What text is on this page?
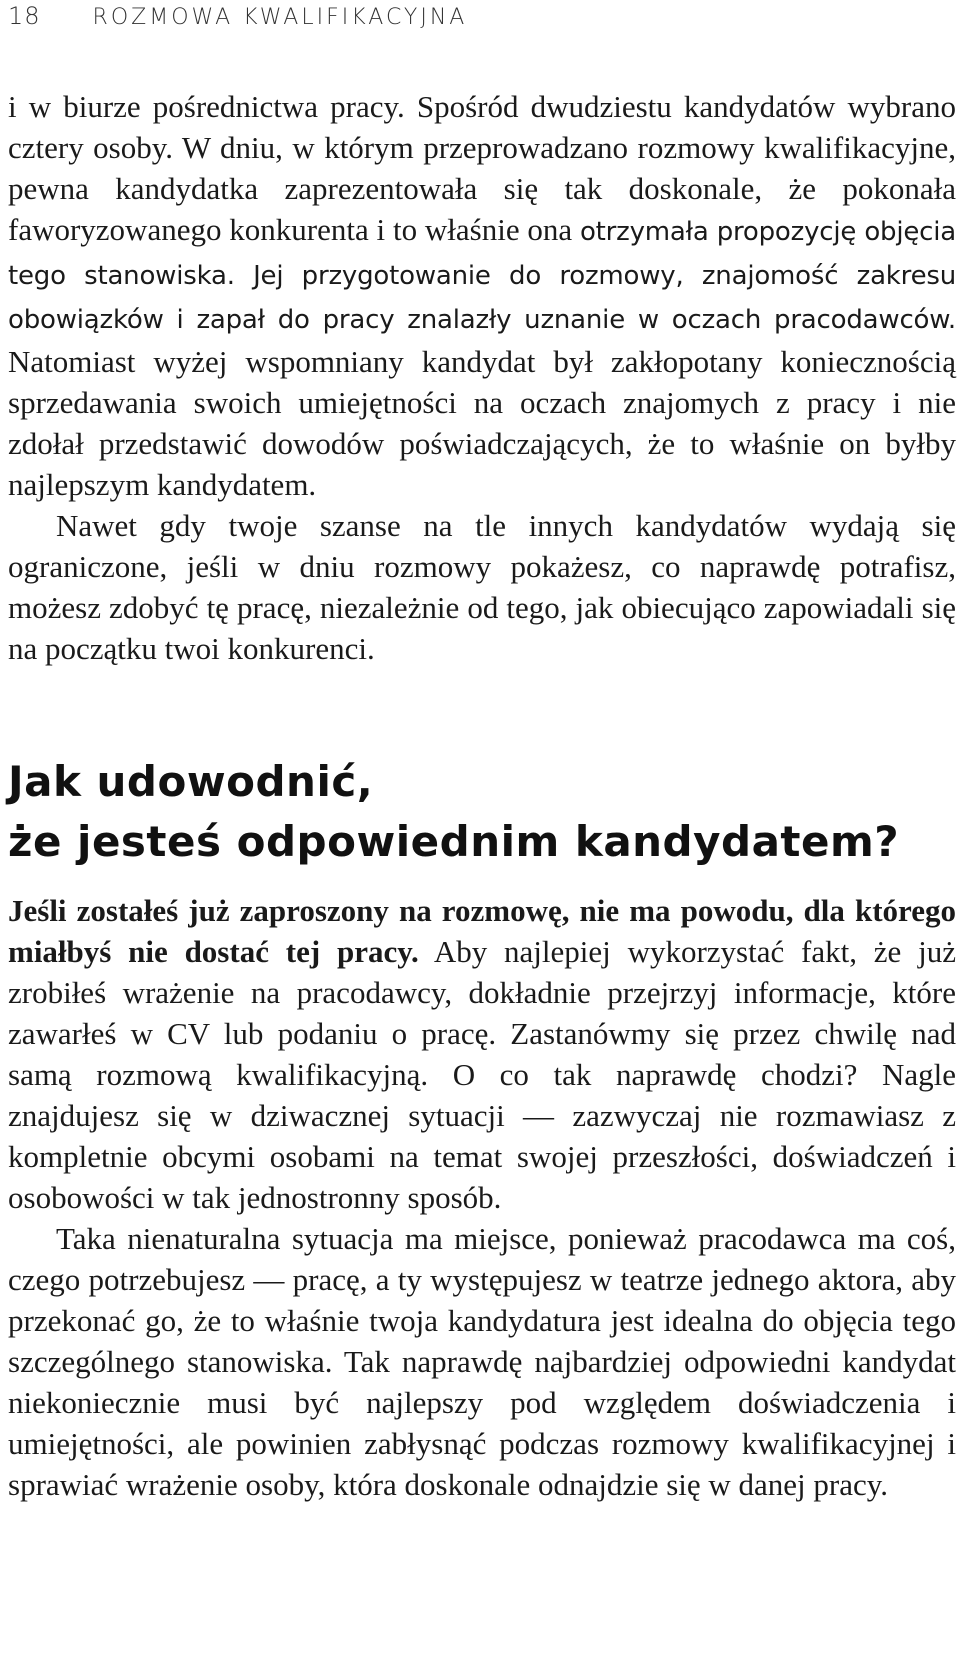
18 ROZMOWA KWALIFIKACYJNA

i w biurze pośrednictwa pracy. Spośród dwudziestu kandydatów wybrano cztery osoby. W dniu, w którym przeprowadzano rozmowy kwalifikacyjne, pewna kandydatka zaprezentowała się tak doskonale, że pokonała faworyzowanego konkurenta i to właśnie ona otrzymała propozycję objęcia tego stanowiska. Jej przygotowanie do rozmowy, znajomość zakresu obowiązków i zapał do pracy znalazły uznanie w oczach pracodawców. Natomiast wyżej wspomniany kandydat był zakłopotany koniecznością sprzedawania swoich umiejętności na oczach znajomych z pracy i nie zdołał przedstawić dowodów poświadczających, że to właśnie on byłby najlepszym kandydatem.

Nawet gdy twoje szanse na tle innych kandydatów wydają się ograniczone, jeśli w dniu rozmowy pokażesz, co naprawdę potrafisz, możesz zdobyć tę pracę, niezależnie od tego, jak obiecująco zapowiadali się na początku twoi konkurenci.

Jak udowodnić,
że jesteś odpowiednim kandydatem?

Jeśli zostałeś już zaproszony na rozmowę, nie ma powodu, dla którego miałbyś nie dostać tej pracy. Aby najlepiej wykorzystać fakt, że już zrobiłeś wrażenie na pracodawcy, dokładnie przejrzyj informacje, które zawarłeś w CV lub podaniu o pracę. Zastanówmy się przez chwilę nad samą rozmową kwalifikacyjną. O co tak naprawdę chodzi? Nagle znajdujesz się w dziwacznej sytuacji — zazwyczaj nie rozmawiasz z kompletnie obcymi osobami na temat swojej przeszłości, doświadczeń i osobowości w tak jednostronny sposób.

Taka nienaturalna sytuacja ma miejsce, ponieważ pracodawca ma coś, czego potrzebujesz — pracę, a ty występujesz w teatrze jednego aktora, aby przekonać go, że to właśnie twoja kandydatura jest idealna do objęcia tego szczególnego stanowiska. Tak naprawdę najbardziej odpowiedni kandydat niekoniecznie musi być najlepszy pod względem doświadczenia i umiejętności, ale powinien zabłysnąć podczas rozmowy kwalifikacyjnej i sprawiać wrażenie osoby, która doskonale odnajdzie się w danej pracy.
